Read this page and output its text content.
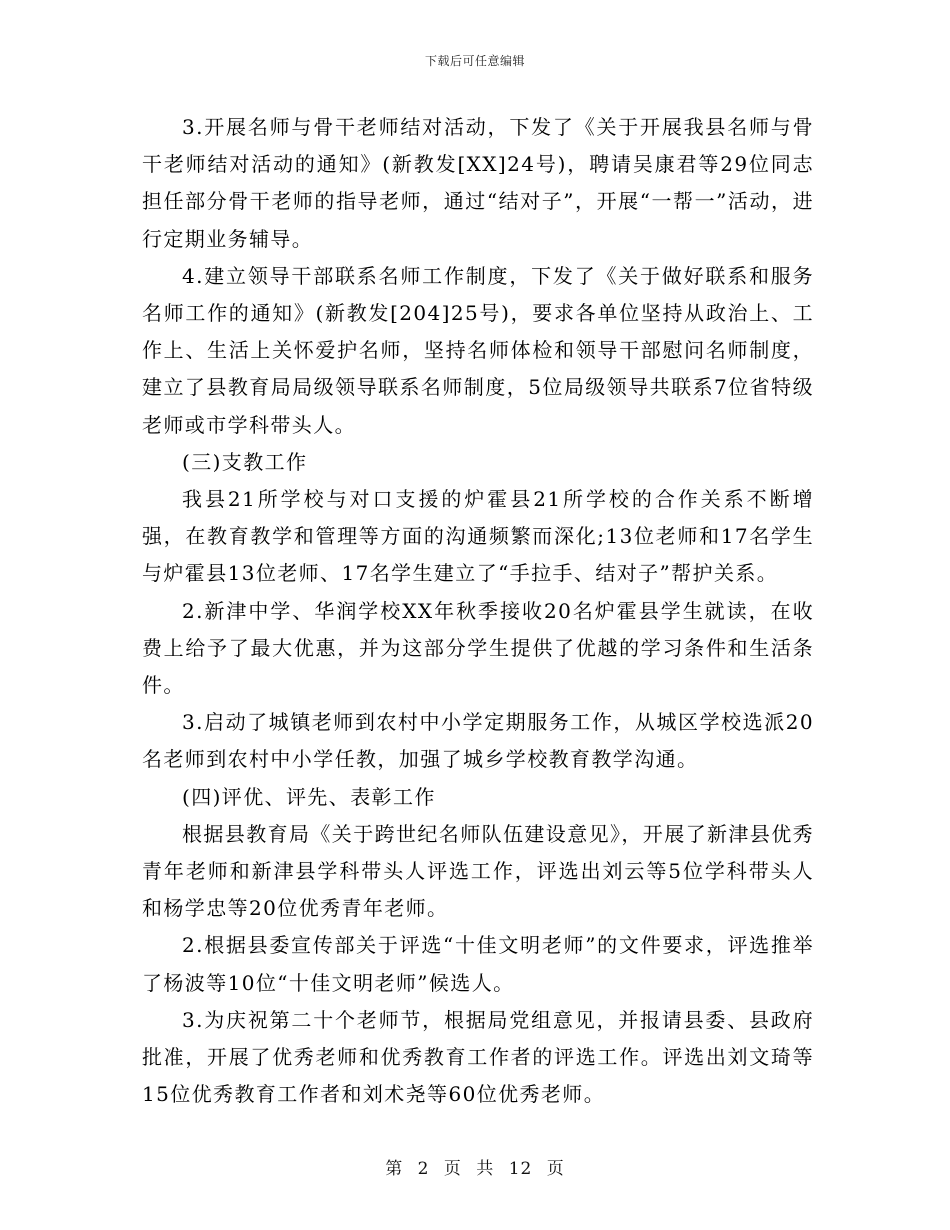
下载后可任意编辑

3.开展名师与骨干老师结对活动，下发了《关于开展我县名师与骨干老师结对活动的通知》(新教发[XX]24号)，聘请吴康君等29位同志担任部分骨干老师的指导老师，通过“结对子”，开展“一帮一”活动，进行定期业务辅导。

4.建立领导干部联系名师工作制度，下发了《关于做好联系和服务名师工作的通知》(新教发[204]25号)，要求各单位坚持从政治上、工作上、生活上关怀爱护名师，坚持名师体检和领导干部慰问名师制度，建立了县教育局局级领导联系名师制度，5位局级领导共联系7位省特级老师或市学科带头人。

(三)支教工作

我县21所学校与对口支援的炉霍县21所学校的合作关系不断增强，在教育教学和管理等方面的沟通频繁而深化;13位老师和17名学生与炉霍县13位老师、17名学生建立了“手拉手、结对子”帮护关系。

2.新津中学、华润学校XX年秋季接收20名炉霍县学生就读，在收费上给予了最大优惠，并为这部分学生提供了优越的学习条件和生活条件。

3.启动了城镇老师到农村中小学定期服务工作，从城区学校选派20名老师到农村中小学任教，加强了城乡学校教育教学沟通。

(四)评优、评先、表彰工作

根据县教育局《关于跨世纪名师队伍建设意见》，开展了新津县优秀青年老师和新津县学科带头人评选工作，评选出刘云等5位学科带头人和杨学忠等20位优秀青年老师。

2.根据县委宣传部关于评选“十佳文明老师”的文件要求，评选推举了杨波等10位“十佳文明老师”候选人。

3.为庆祝第二十个老师节，根据局党组意见，并报请县委、县政府批准，开展了优秀老师和优秀教育工作者的评选工作。评选出刘文琦等15位优秀教育工作者和刘术尧等60位优秀老师。

第 2 页 共 12 页
